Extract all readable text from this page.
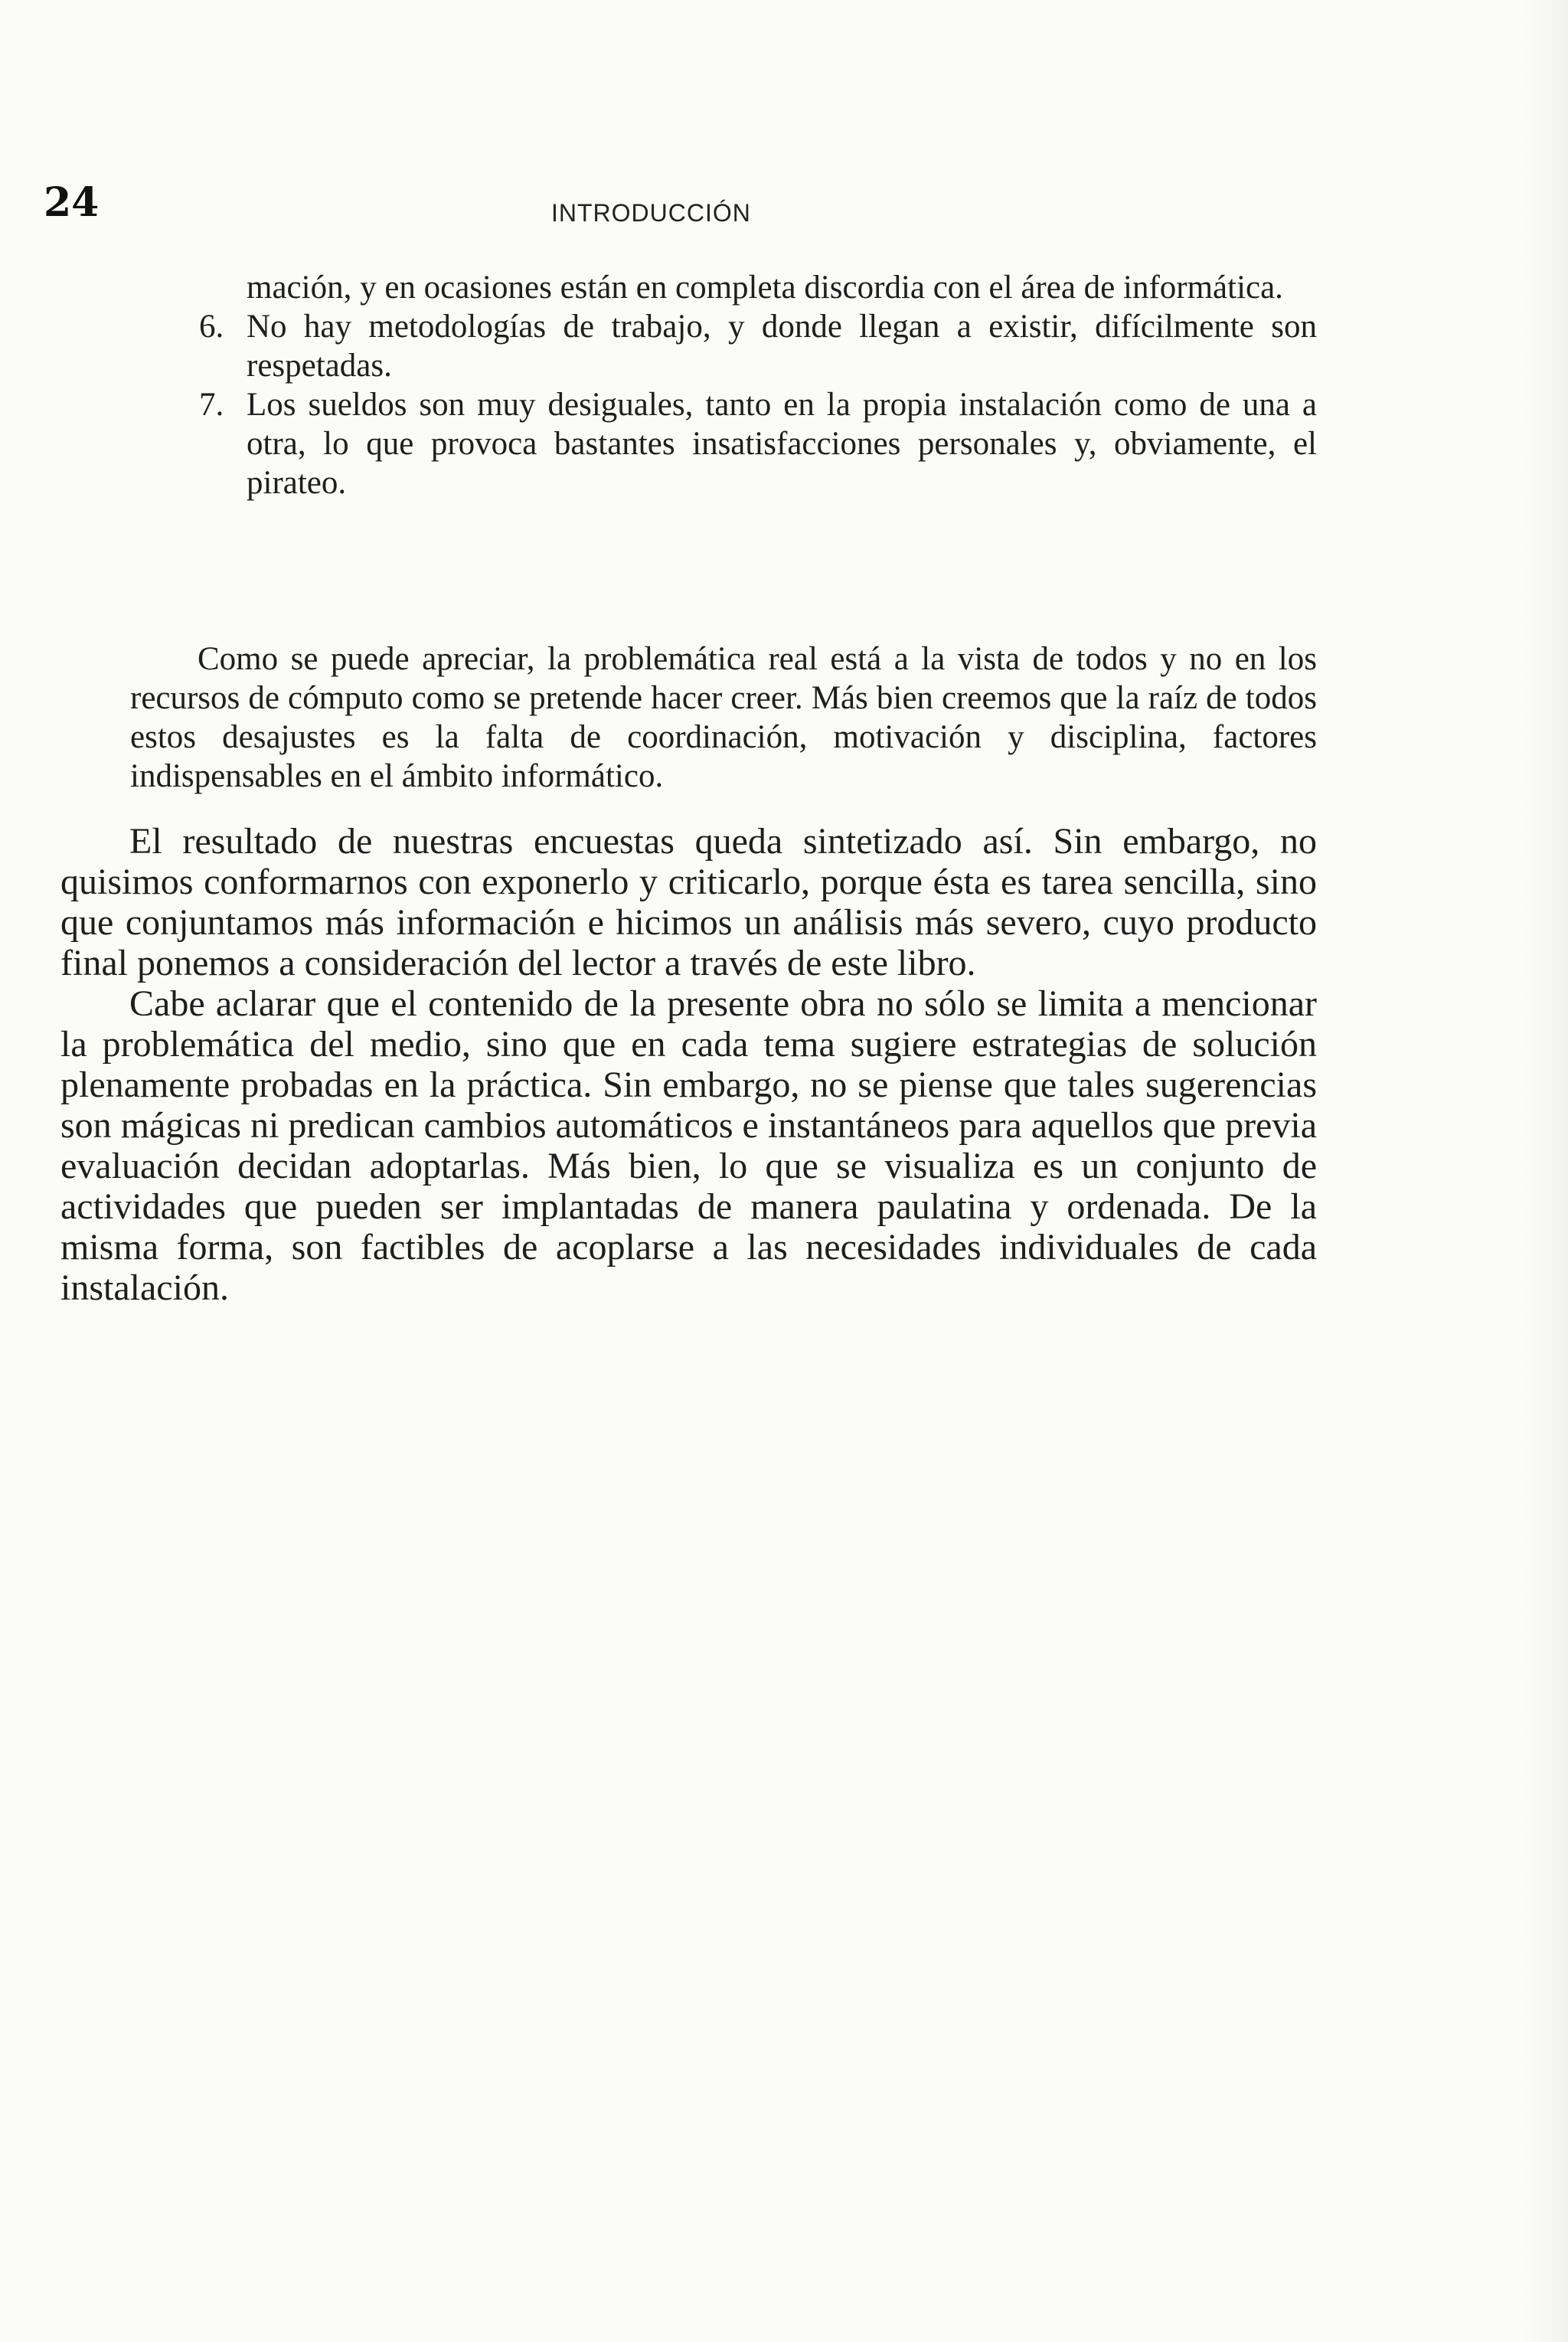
24	INTRODUCCIÓN
mación, y en ocasiones están en completa discordia con el área de informática.
6. No hay metodologías de trabajo, y donde llegan a existir, difícilmente son respetadas.
7. Los sueldos son muy desiguales, tanto en la propia instalación como de una a otra, lo que provoca bastantes insatisfacciones personales y, obviamente, el pirateo.

Como se puede apreciar, la problemática real está a la vista de todos y no en los recursos de cómputo como se pretende hacer creer. Más bien creemos que la raíz de todos estos desajustes es la falta de coordinación, motivación y disciplina, factores indispensables en el ámbito informático.

El resultado de nuestras encuestas queda sintetizado así. Sin embargo, no quisimos conformarnos con exponerlo y criticarlo, porque ésta es tarea sencilla, sino que conjuntamos más información e hicimos un análisis más severo, cuyo producto final ponemos a consideración del lector a través de este libro.

Cabe aclarar que el contenido de la presente obra no sólo se limita a mencionar la problemática del medio, sino que en cada tema sugiere estrategias de solución plenamente probadas en la práctica. Sin embargo, no se piense que tales sugerencias son mágicas ni predican cambios automáticos e instantáneos para aquellos que previa evaluación decidan adoptarlas. Más bien, lo que se visualiza es un conjunto de actividades que pueden ser implantadas de manera paulatina y ordenada. De la misma forma, son factibles de acoplarse a las necesidades individuales de cada instalación.
